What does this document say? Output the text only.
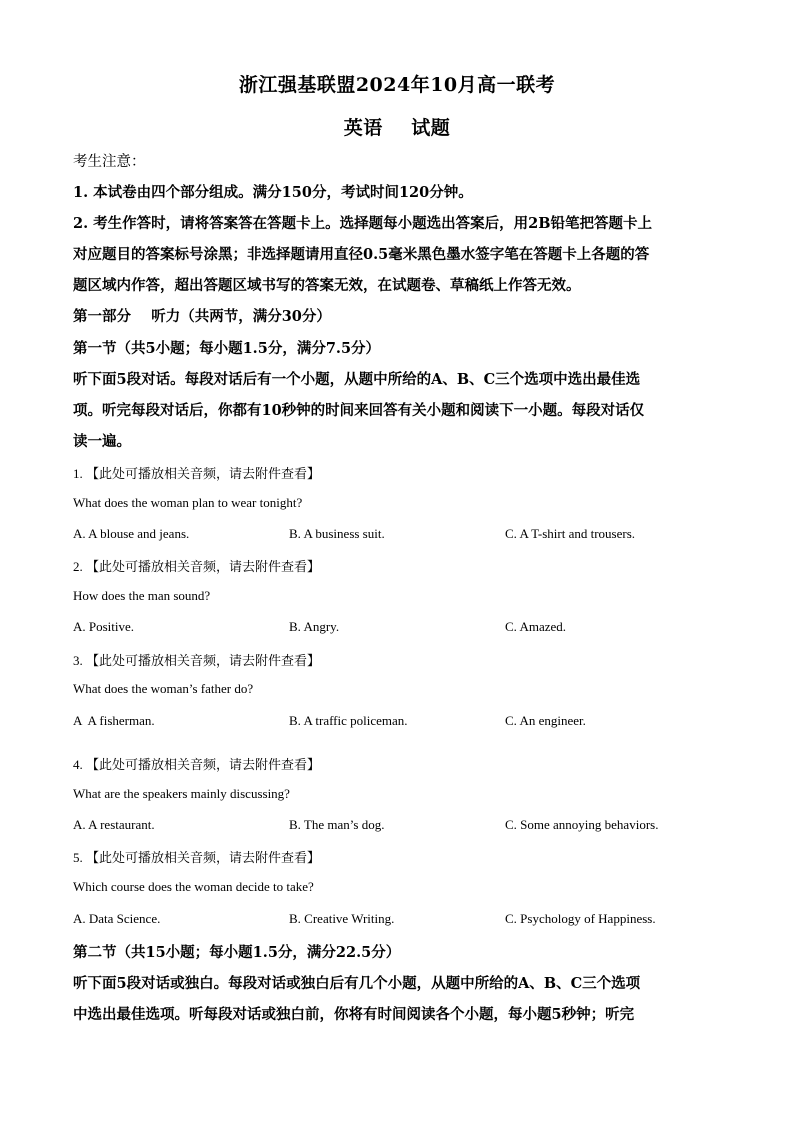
浙江强基联盟2024年10月高一联考
英语    试题
考生注意：
1. 本试卷由四个部分组成。满分150分，考试时间120分钟。
2. 考生作答时，请将答案答在答题卡上。选择题每小题选出答案后，用2B铅笔把答题卡上
对应题目的答案标号涂黑；非选择题请用直径0.5毫米黑色墨水签字笔在答题卡上各题的答
题区域内作答，超出答题区域书写的答案无效，在试题卷、草稿纸上作答无效。
第一部分    听力（共两节，满分30分）
第一节（共5小题；每小题1.5分，满分7.5分）
听下面5段对话。每段对话后有一个小题，从题中所给的A、B、C三个选项中选出最佳选
项。听完每段对话后，你都有10秒钟的时间来回答有关小题和阅读下一小题。每段对话仅
读一遍。
1. 【此处可播放相关音频，请去附件查看】
What does the woman plan to wear tonight?
A. A blouse and jeans.	B. A business suit.	C. A T-shirt and trousers.
2. 【此处可播放相关音频，请去附件查看】
How does the man sound?
A. Positive.	B. Angry.	C. Amazed.
3. 【此处可播放相关音频，请去附件查看】
What does the woman’s father do?
A  A fisherman.	B. A traffic policeman.	C. An engineer.
4. 【此处可播放相关音频，请去附件查看】
What are the speakers mainly discussing?
A. A restaurant.	B. The man’s dog.	C. Some annoying behaviors.
5. 【此处可播放相关音频，请去附件查看】
Which course does the woman decide to take?
A. Data Science.	B. Creative Writing.	C. Psychology of Happiness.
第二节（共15小题；每小题1.5分，满分22.5分）
听下面5段对话或独白。每段对话或独白后有几个小题，从题中所给的A、B、C三个选项
中选出最佳选项。听每段对话或独白前，你将有时间阅读各个小题，每小题5秒钟；听完
